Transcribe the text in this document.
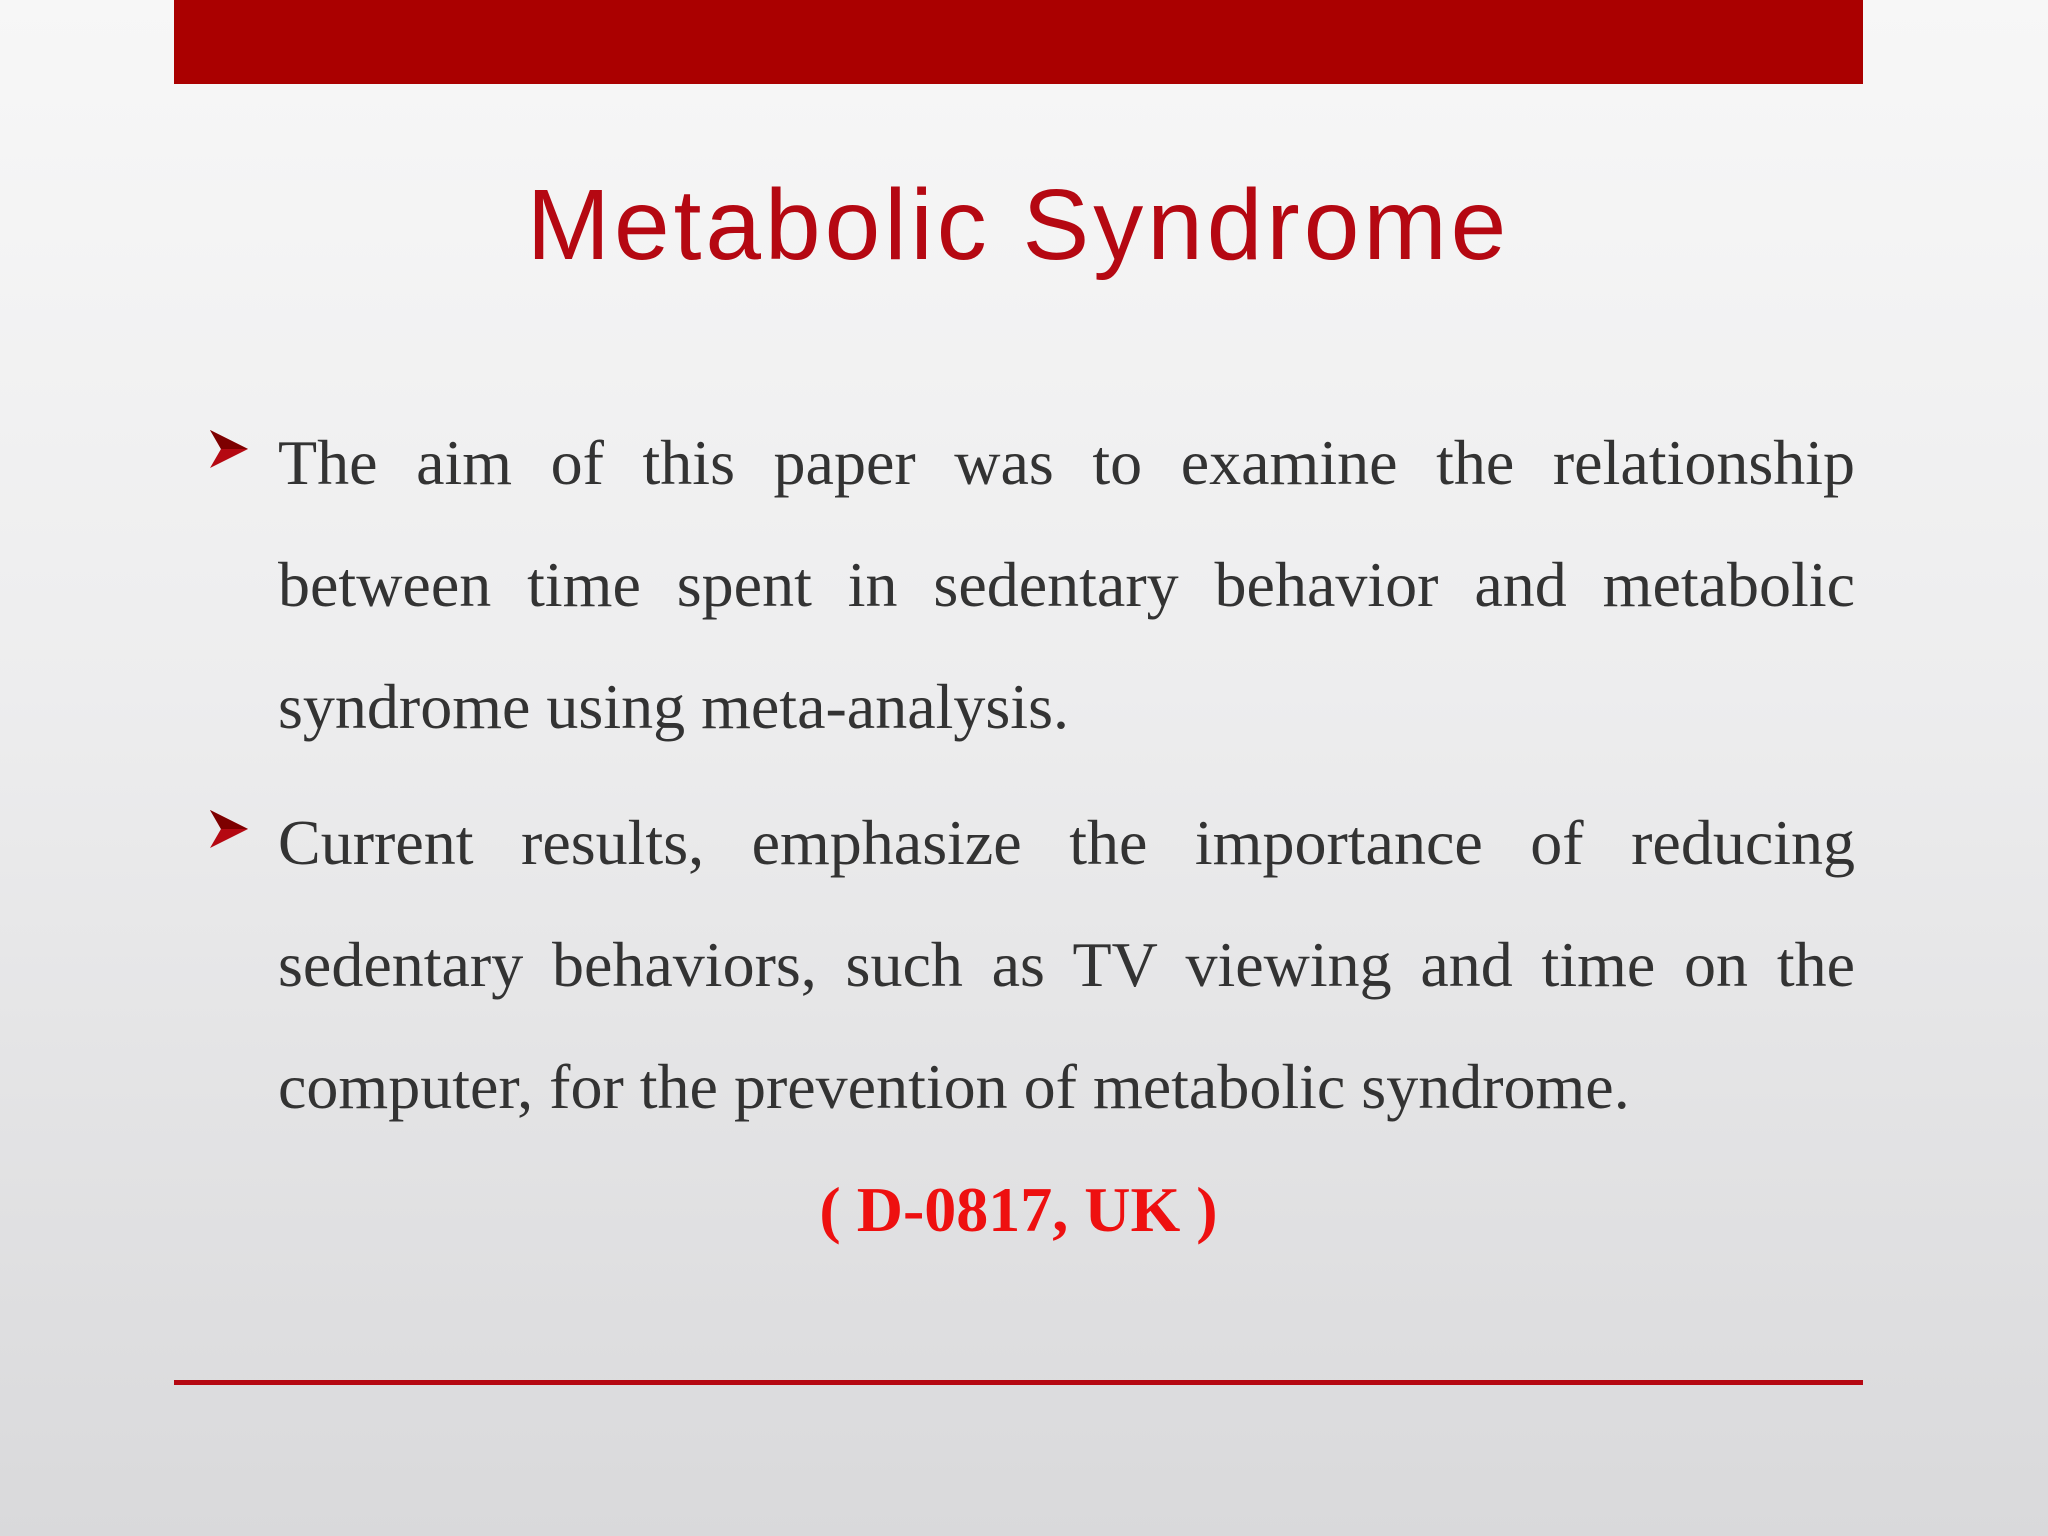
Metabolic Syndrome
The aim of this paper was to examine the relationship between time spent in sedentary behavior and metabolic syndrome using meta-analysis.
Current results, emphasize the importance of reducing sedentary behaviors, such as TV viewing and time on the computer, for the prevention of metabolic syndrome.
( D-0817, UK )
